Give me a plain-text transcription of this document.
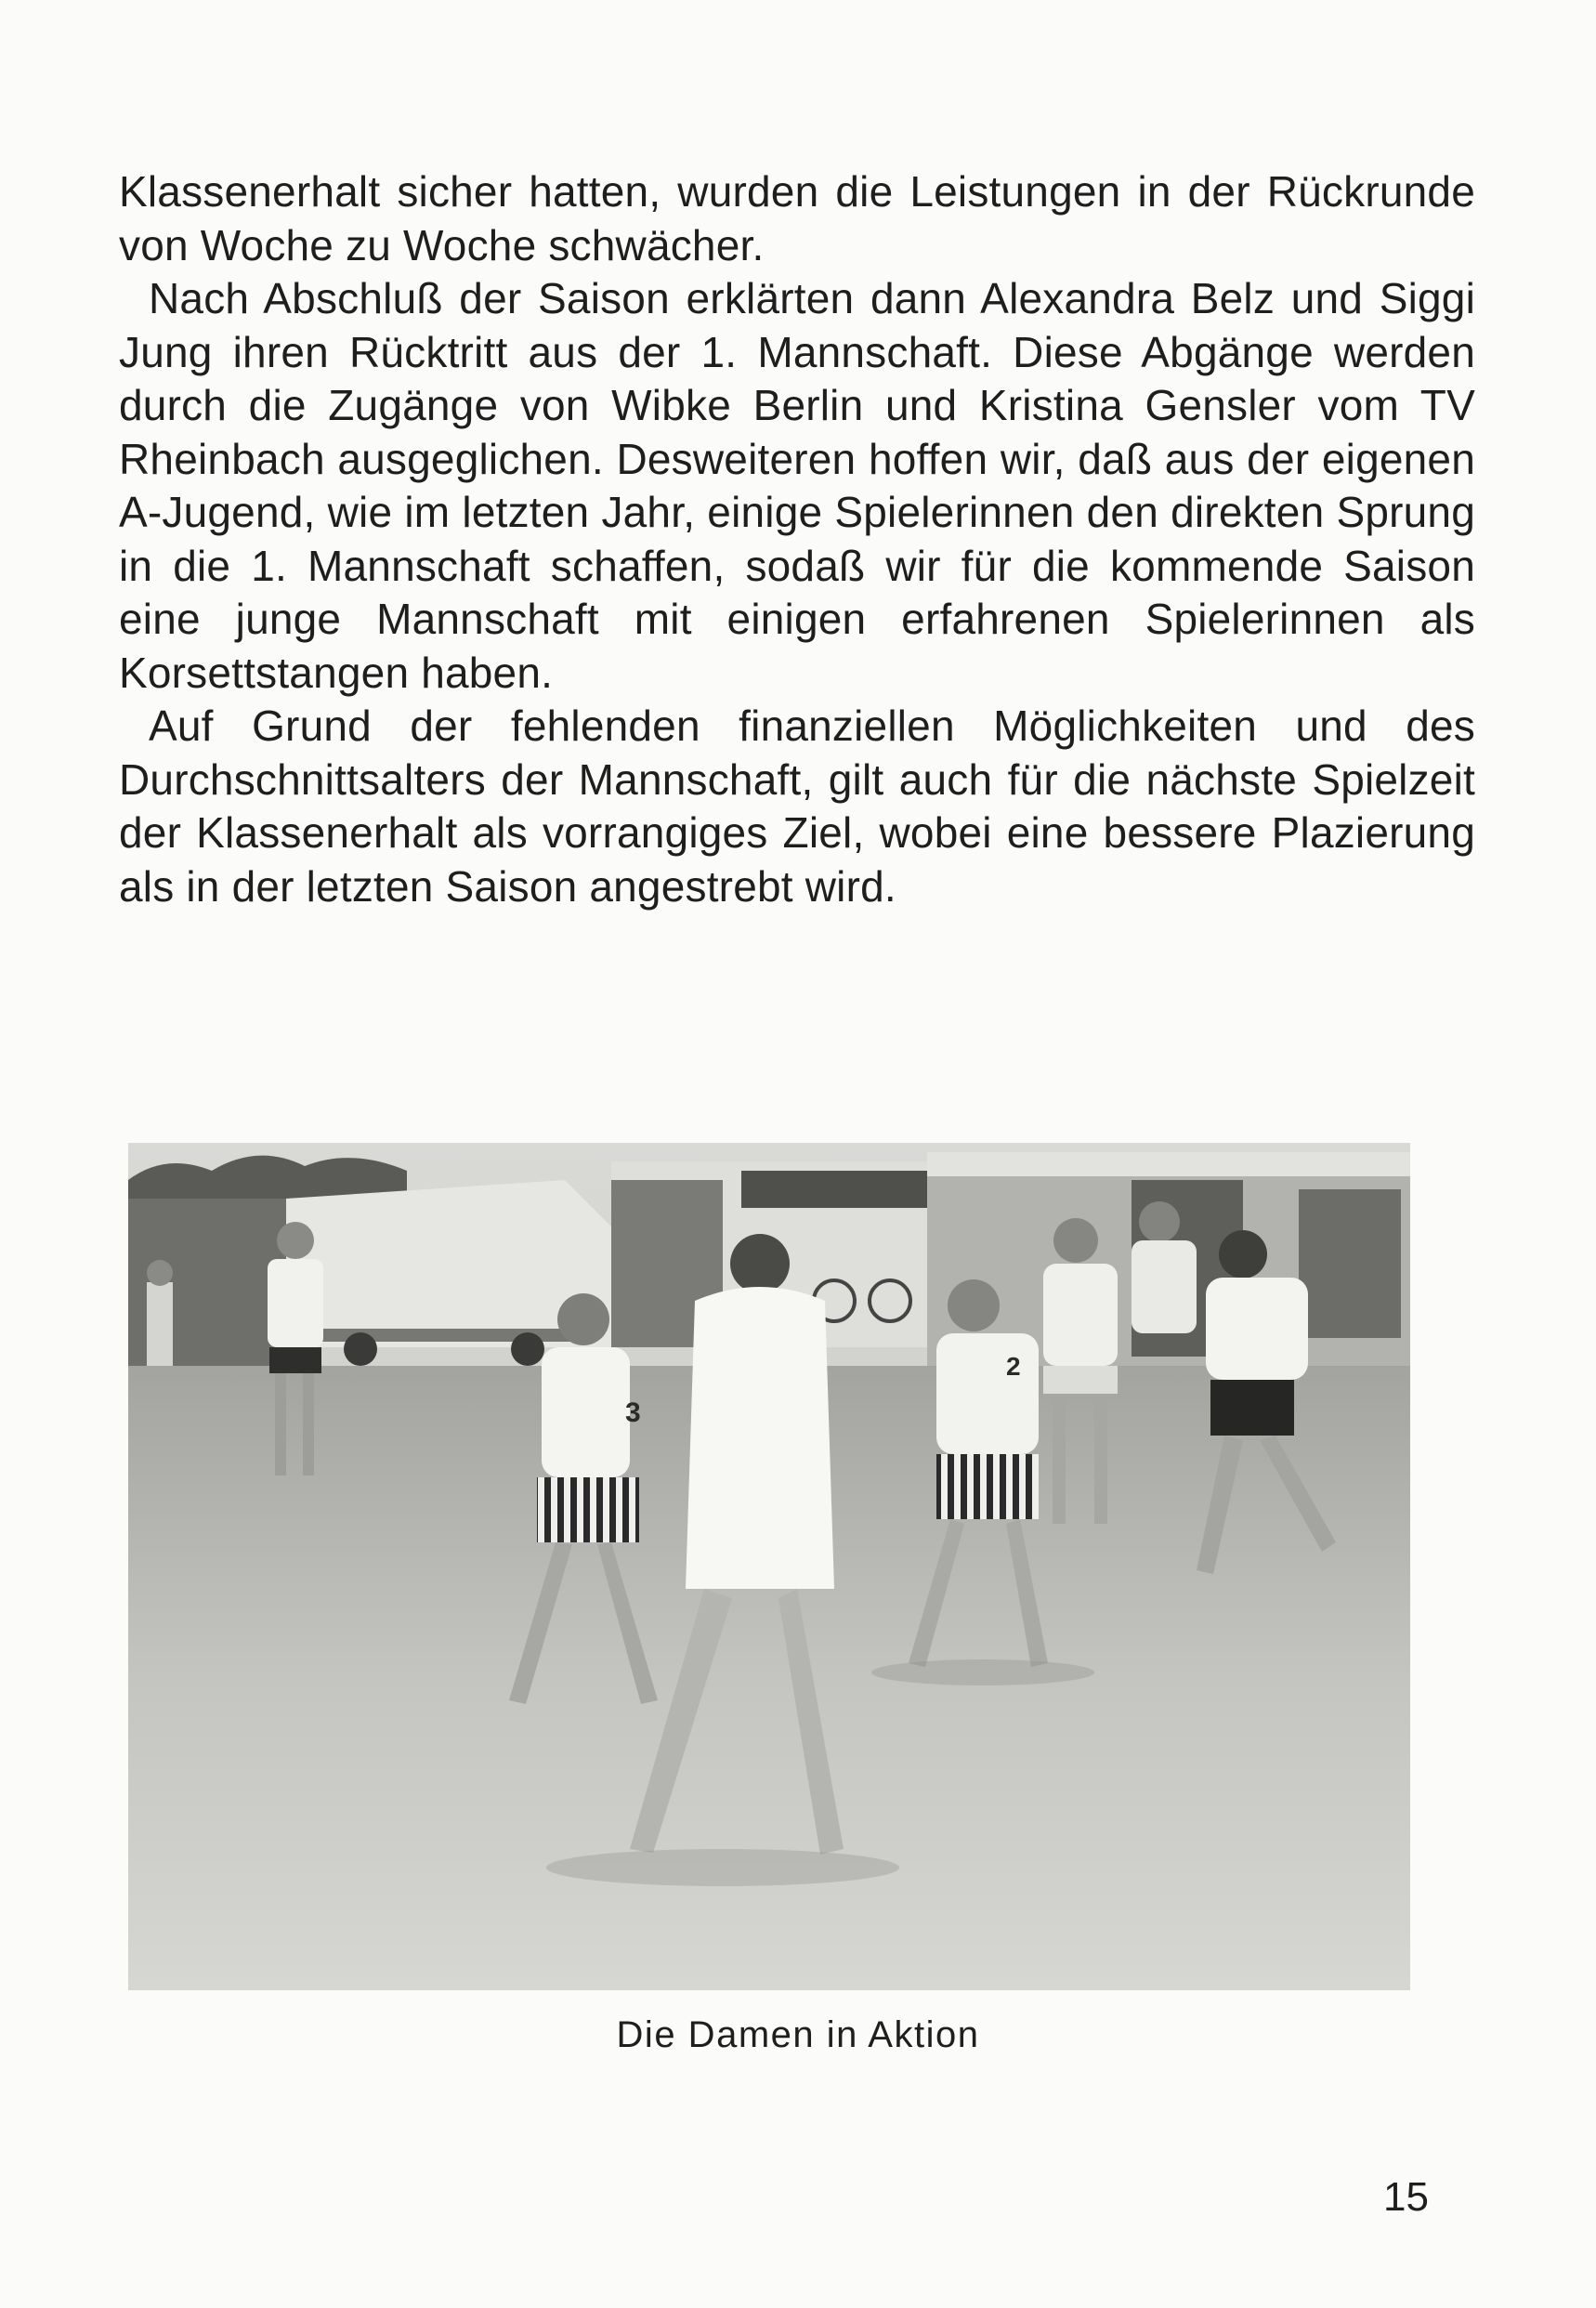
Klassenerhalt sicher hatten, wurden die Leistungen in der Rückrunde von Woche zu Woche schwächer.

Nach Abschluß der Saison erklärten dann Alexandra Belz und Siggi Jung ihren Rücktritt aus der 1. Mannschaft. Diese Abgänge werden durch die Zugänge von Wibke Berlin und Kristina Gensler vom TV Rheinbach ausgeglichen. Desweiteren hoffen wir, daß aus der eigenen A-Jugend, wie im letzten Jahr, einige Spielerinnen den direkten Sprung in die 1. Mannschaft schaffen, sodaß wir für die kommende Saison eine junge Mannschaft mit einigen erfahrenen Spielerinnen als Korsettstangen haben.

Auf Grund der fehlenden finanziellen Möglichkeiten und des Durchschnittsalters der Mannschaft, gilt auch für die nächste Spielzeit der Klassenerhalt als vorrangiges Ziel, wobei eine bessere Plazierung als in der letzten Saison angestrebt wird.

3
2
Die Damen in Aktion
15
